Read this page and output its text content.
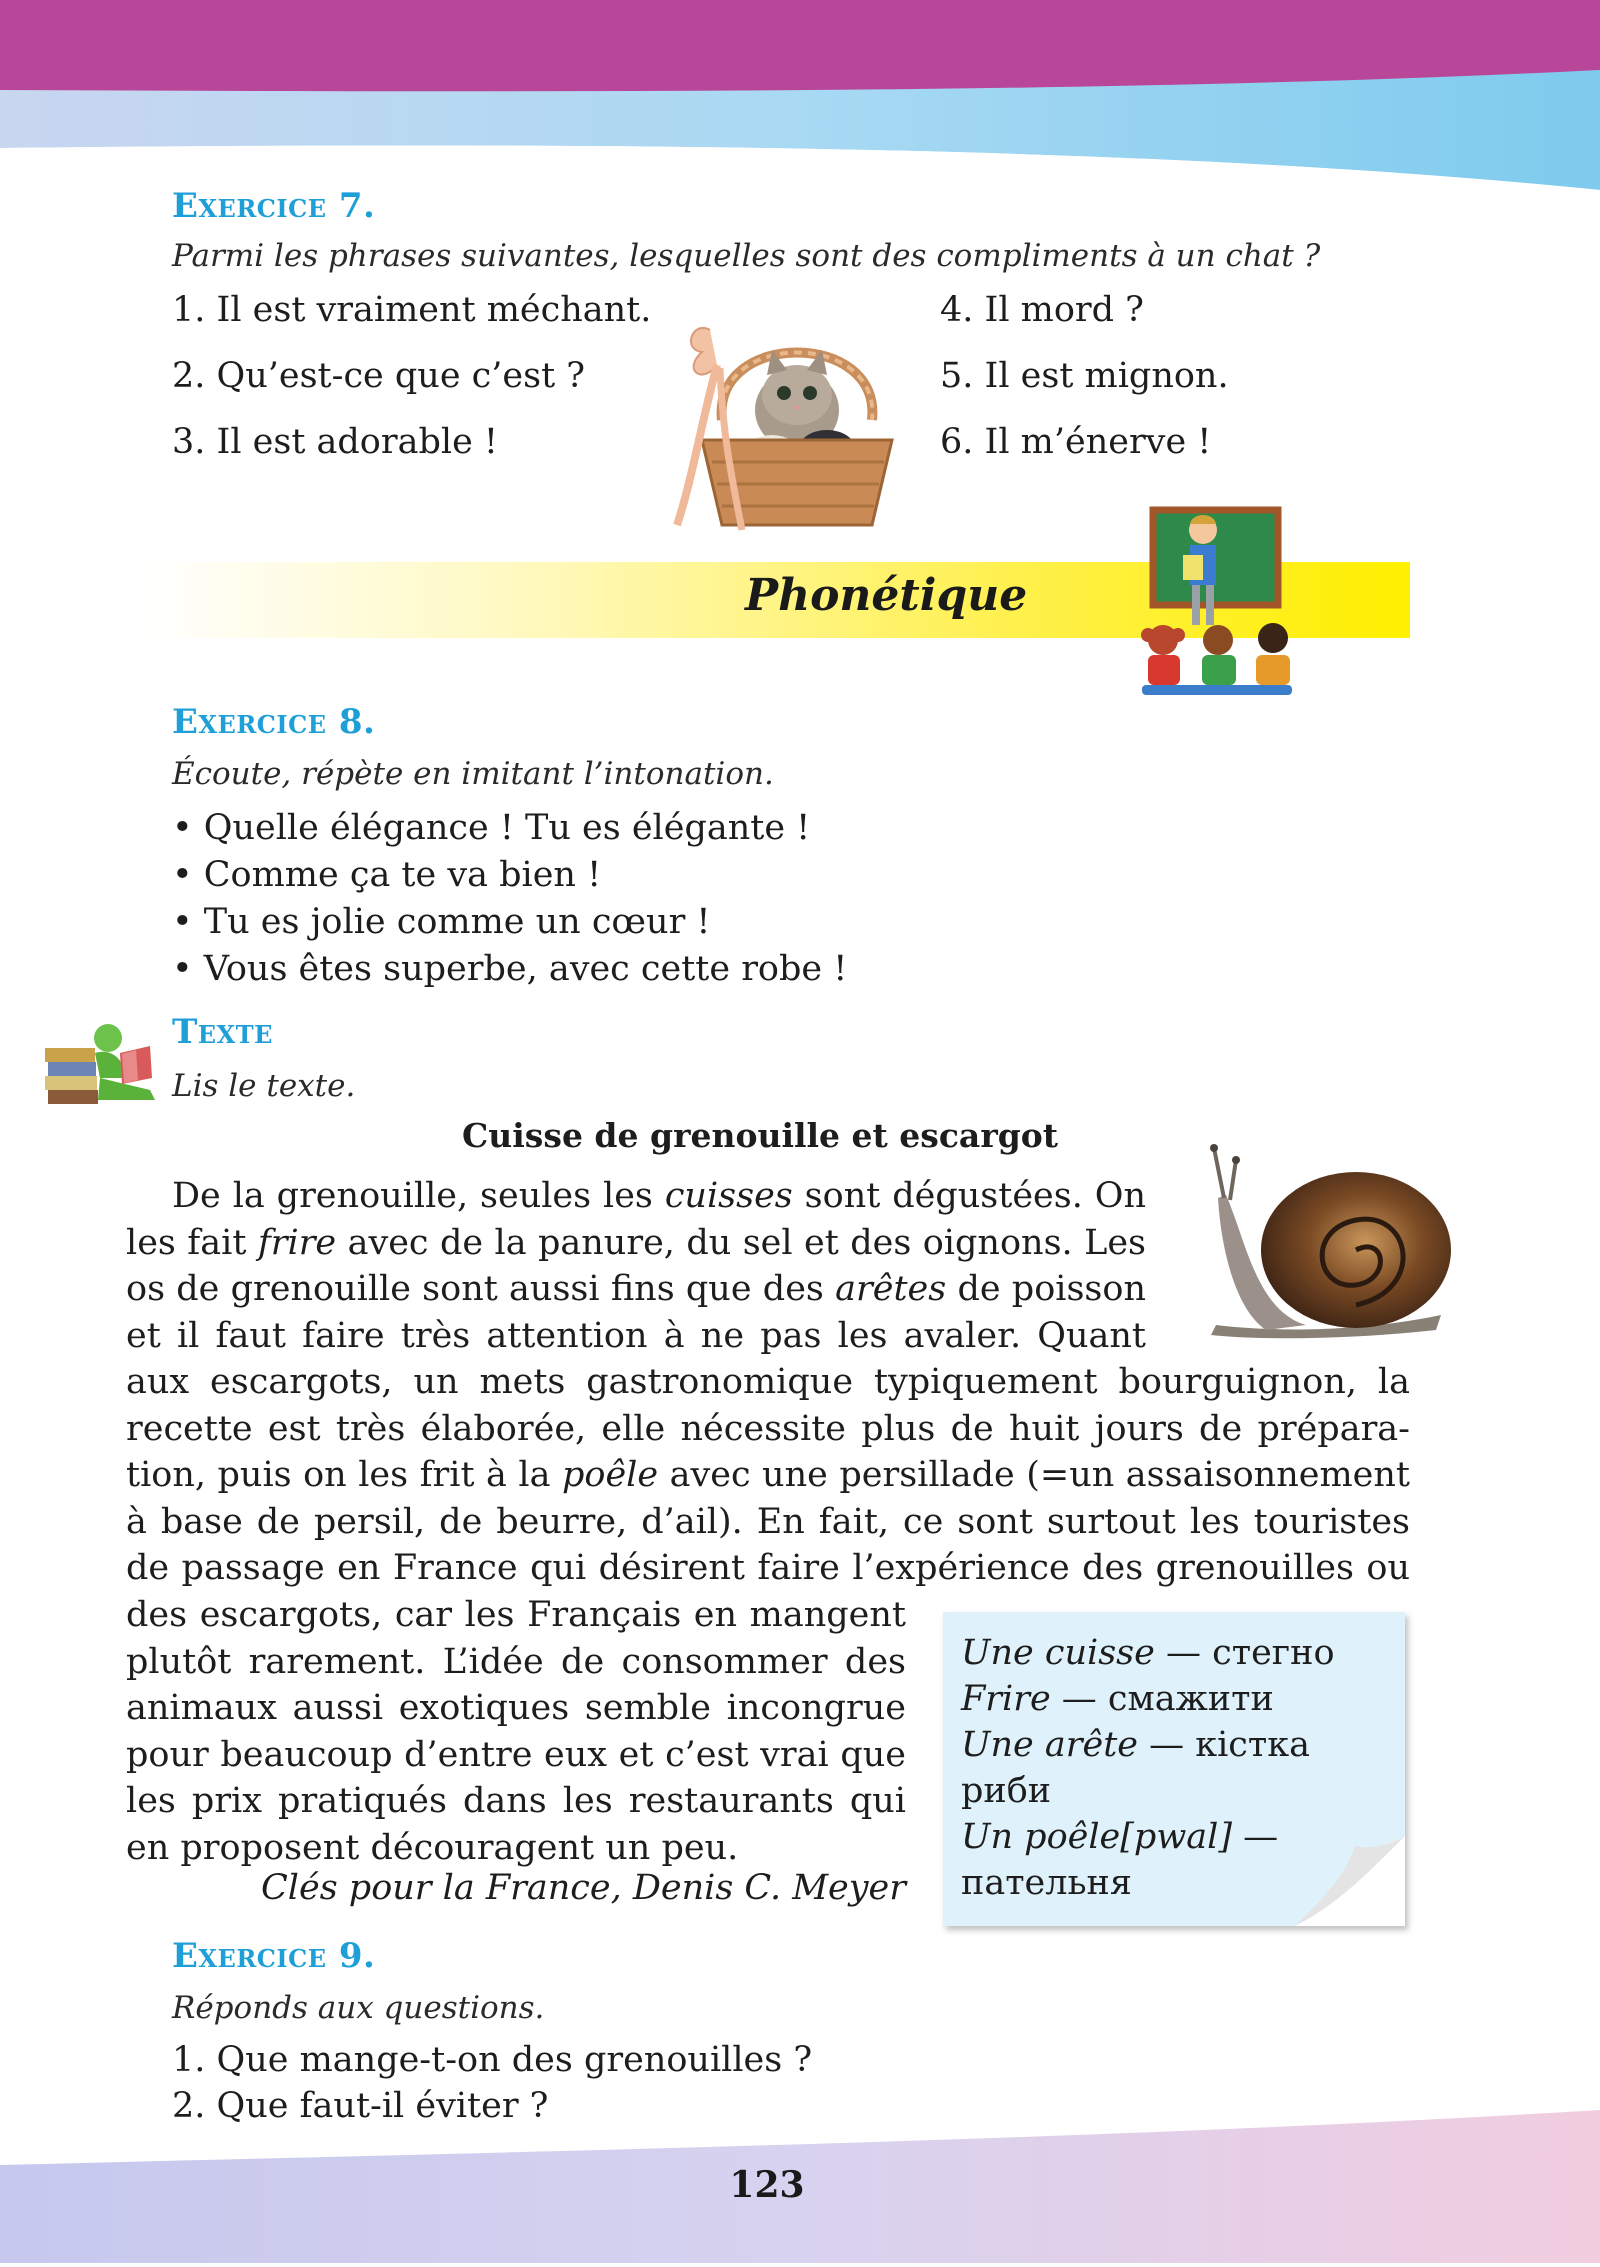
Exercice 7.
Parmi les phrases suivantes, lesquelles sont des compliments à un chat ?
1. Il est vraiment méchant.
2. Qu’est-ce que c’est ?
3. Il est adorable !
4. Il mord ?
5. Il est mignon.
6. Il m’énerve !
Phonétique
Exercice 8.
Écoute, répète en imitant l’intonation.
• Quelle élégance ! Tu es élégante !
• Comme ça te va bien !
• Tu es jolie comme un cœur !
• Vous êtes superbe, avec cette robe !
Texte
Lis le texte.
Cuisse de grenouille et escargot
De la grenouille, seules les cuisses sont dégustées. On
les fait frire avec de la panure, du sel et des oignons. Les
os de grenouille sont aussi fins que des arêtes de poisson
et il faut faire très attention à ne pas les avaler. Quant
aux escargots, un mets gastronomique typiquement bourguignon, la
recette est très élaborée, elle nécessite plus de huit jours de prépara-
tion, puis on les frit à la poêle avec une persillade (=un assaisonnement
à base de persil, de beurre, d’ail). En fait, ce sont surtout les touristes
de passage en France qui désirent faire l’expérience des grenouilles ou
des escargots, car les Français en mangent
plutôt rarement. L’idée de consommer des
animaux aussi exotiques semble incongrue
pour beaucoup d’entre eux et c’est vrai que
les prix pratiqués dans les restaurants qui
en proposent découragent un peu.
Clés pour la France, Denis C. Meyer
Une cuisse — стегно
Frire — смажити
Une arête — кістка
риби
Un poêle[pwal] —
пательня
Exercice 9.
Réponds aux questions.
1. Que mange-t-on des grenouilles ?
2. Que faut-il éviter ?
123
